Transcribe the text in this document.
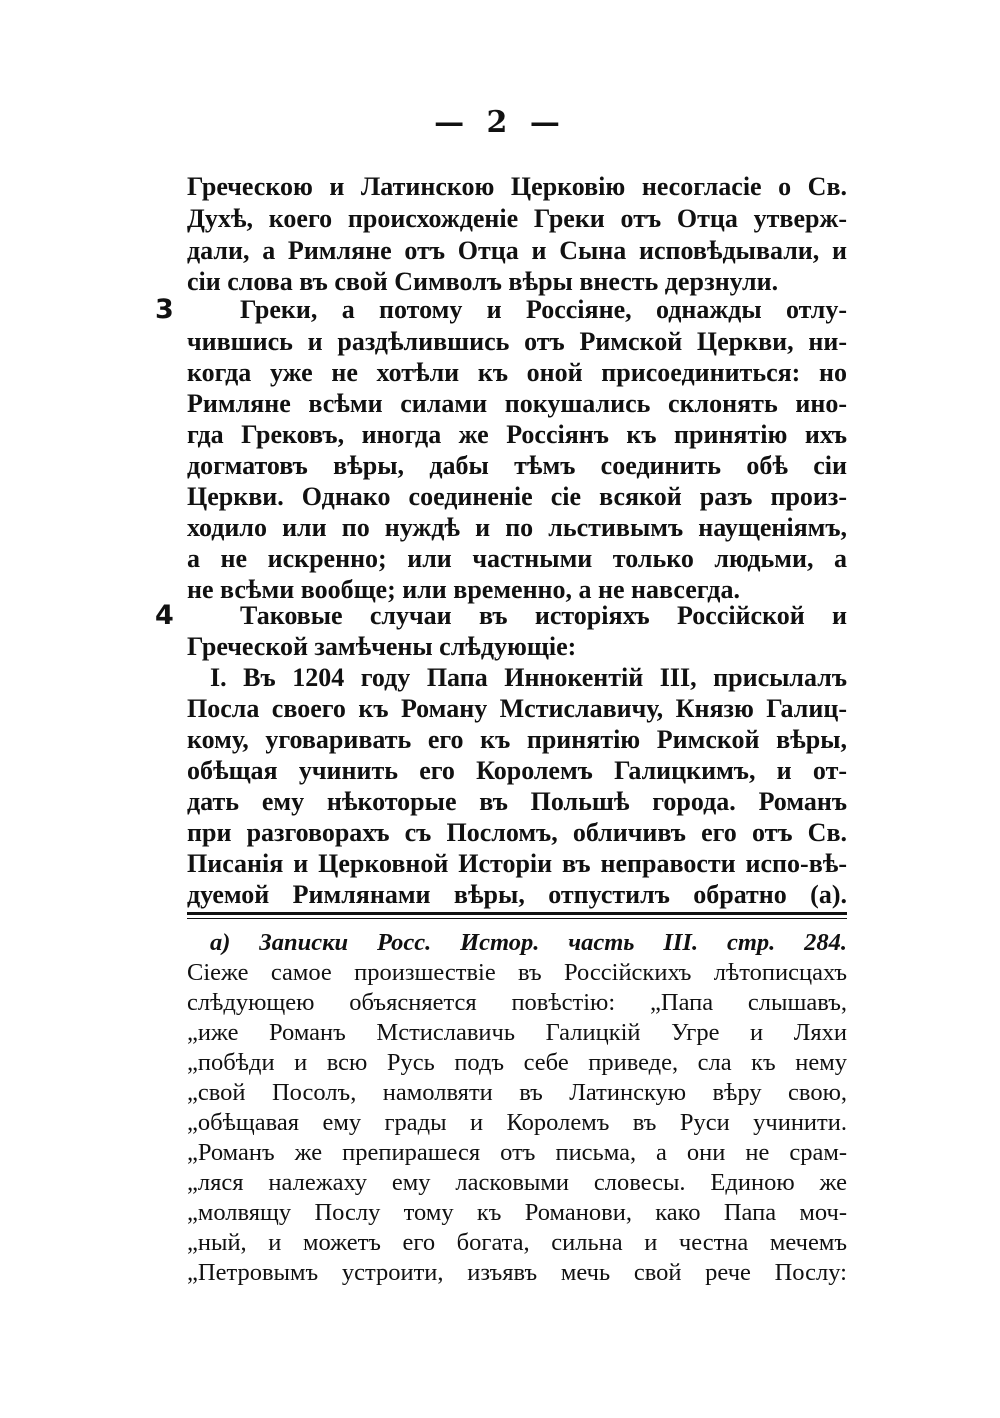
— 2 —
Греческою и Латинскою Церковію несогласіе о Св.
Духѣ, коего происхожденіе Греки отъ Отца утверж-
дали, а Римляне отъ Отца и Сына исповѣдывали, и
сіи слова въ свой Символъ вѣры внесть дерзнули.
3	Греки, а потому и Россіяне, однажды отлу-
чившись и раздѣлившись отъ Римской Церкви, ни-
когда уже не хотѣли къ оной присоединиться: но
Римляне всѣми силами покушались склонять ино-
гда Грековъ, иногда же Россіянъ къ принятію ихъ
догматовъ вѣры, дабы тѣмъ соединить обѣ сіи
Церкви. Однако соединеніе сіе всякой разъ произ-
ходило или по нуждѣ и по льстивымъ наущеніямъ,
а не искренно; или частными только людьми, а
не всѣми вообще; или временно, а не навсегда.
4	Таковые случаи въ исторіяхъ Россійской и
Греческой замѣчены слѣдующіе:
I. Въ 1204 году Папа Иннокентій III, присылалъ
Посла своего къ Роману Мстиславичу, Князю Галиц-
кому, уговаривать его къ принятію Римской вѣры,
обѣщая учинить его Королемъ Галицкимъ, и от-
дать ему нѣкоторые въ Польшѣ города. Романъ
при разговорахъ съ Посломъ, обличивъ его отъ Св.
Писанія и Церковной Исторіи въ неправости испо-вѣ-
дуемой Римлянами вѣры, отпустилъ обратно (а).
а) Записки Росс. Истор. часть III. стр. 284.
Сіеже самое произшествіе въ Россійскихъ лѣтописцахъ
слѣдующею объясняется повѣстію: „Папа слышавъ,
„иже Романъ Мстиславичь Галицкій Угре и Ляхи
„побѣди и всю Русь подъ себе приведе, сла къ нему
„свой Посолъ, намолвяти въ Латинскую вѣру свою,
„обѣщавая ему грады и Королемъ въ Руси учинити.
„Романъ же препирашеся отъ письма, а они не срам-
„ляся належаху ему ласковыми словесы. Единою же
„молвящу Послу тому къ Романови, како Папа моч-
„ный, и можетъ его богата, сильна и честна мечемъ
„Петровымъ устроити, изъявъ мечь свой рече Послу:
